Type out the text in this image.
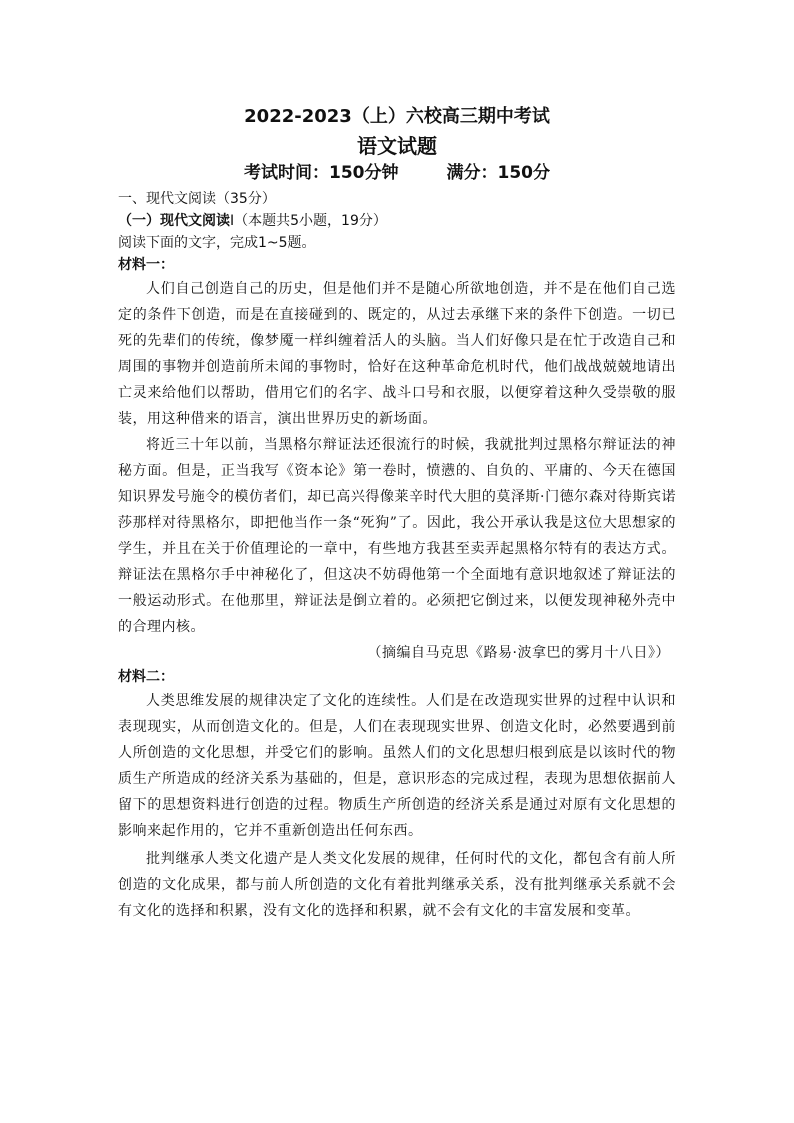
2022-2023（上）六校高三期中考试
语文试题
考试时间：150分钟	满分：150分

一、现代文阅读（35分）

（一）现代文阅读Ⅰ（本题共5小题，19分）

阅读下面的文字，完成1~5题。

材料一：

人们自己创造自己的历史，但是他们并不是随心所欲地创造，并不是在他们自己选定的条件下创造，而是在直接碰到的、既定的，从过去承继下来的条件下创造。一切已死的先辈们的传统，像梦魇一样纠缠着活人的头脑。当人们好像只是在忙于改造自己和周围的事物并创造前所未闻的事物时，恰好在这种革命危机时代，他们战战兢兢地请出亡灵来给他们以帮助，借用它们的名字、战斗口号和衣服，以便穿着这种久受崇敬的服装，用这种借来的语言，演出世界历史的新场面。

将近三十年以前，当黑格尔辩证法还很流行的时候，我就批判过黑格尔辩证法的神秘方面。但是，正当我写《资本论》第一卷时，愤懑的、自负的、平庸的、今天在德国知识界发号施令的模仿者们，却已高兴得像莱辛时代大胆的莫泽斯·门德尔森对待斯宾诺莎那样对待黑格尔，即把他当作一条“死狗”了。因此，我公开承认我是这位大思想家的学生，并且在关于价值理论的一章中，有些地方我甚至卖弄起黑格尔特有的表达方式。辩证法在黑格尔手中神秘化了，但这决不妨碍他第一个全面地有意识地叙述了辩证法的一般运动形式。在他那里，辩证法是倒立着的。必须把它倒过来，以便发现神秘外壳中的合理内核。

（摘编自马克思《路易·波拿巴的雾月十八日》）

材料二：

人类思维发展的规律决定了文化的连续性。人们是在改造现实世界的过程中认识和表现现实，从而创造文化的。但是，人们在表现现实世界、创造文化时，必然要遇到前人所创造的文化思想，并受它们的影响。虽然人们的文化思想归根到底是以该时代的物质生产所造成的经济关系为基础的，但是，意识形态的完成过程，表现为思想依据前人留下的思想资料进行创造的过程。物质生产所创造的经济关系是通过对原有文化思想的影响来起作用的，它并不重新创造出任何东西。

批判继承人类文化遗产是人类文化发展的规律，任何时代的文化，都包含有前人所创造的文化成果，都与前人所创造的文化有着批判继承关系，没有批判继承关系就不会有文化的选择和积累，没有文化的选择和积累，就不会有文化的丰富发展和变革。
